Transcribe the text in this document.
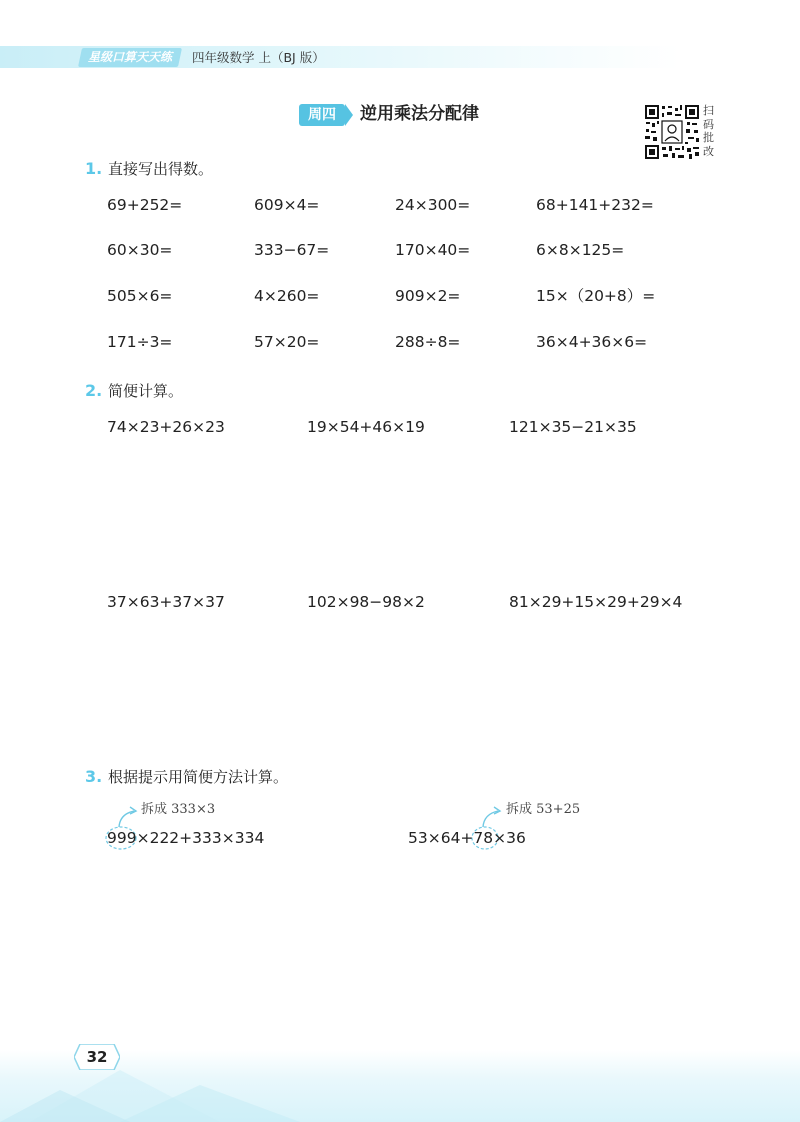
星级口算天天练	四年级数学 上（BJ 版）
周四	逆用乘法分配律	扫
码
批
改
1. 直接写出得数。
69+252=	609×4=	24×300=	68+141+232=
60×30=	333−67=	170×40=	6×8×125=
505×6=	4×260=	909×2=	15×（20+8）=
171÷3=	57×20=	288÷8=	36×4+36×6=
2. 简便计算。
74×23+26×23	19×54+46×19	121×35−21×35
37×63+37×37	102×98−98×2	81×29+15×29+29×4
3. 根据提示用简便方法计算。
拆成 333×3
999×222+333×334
拆成 53+25
53×64+78×36
32
